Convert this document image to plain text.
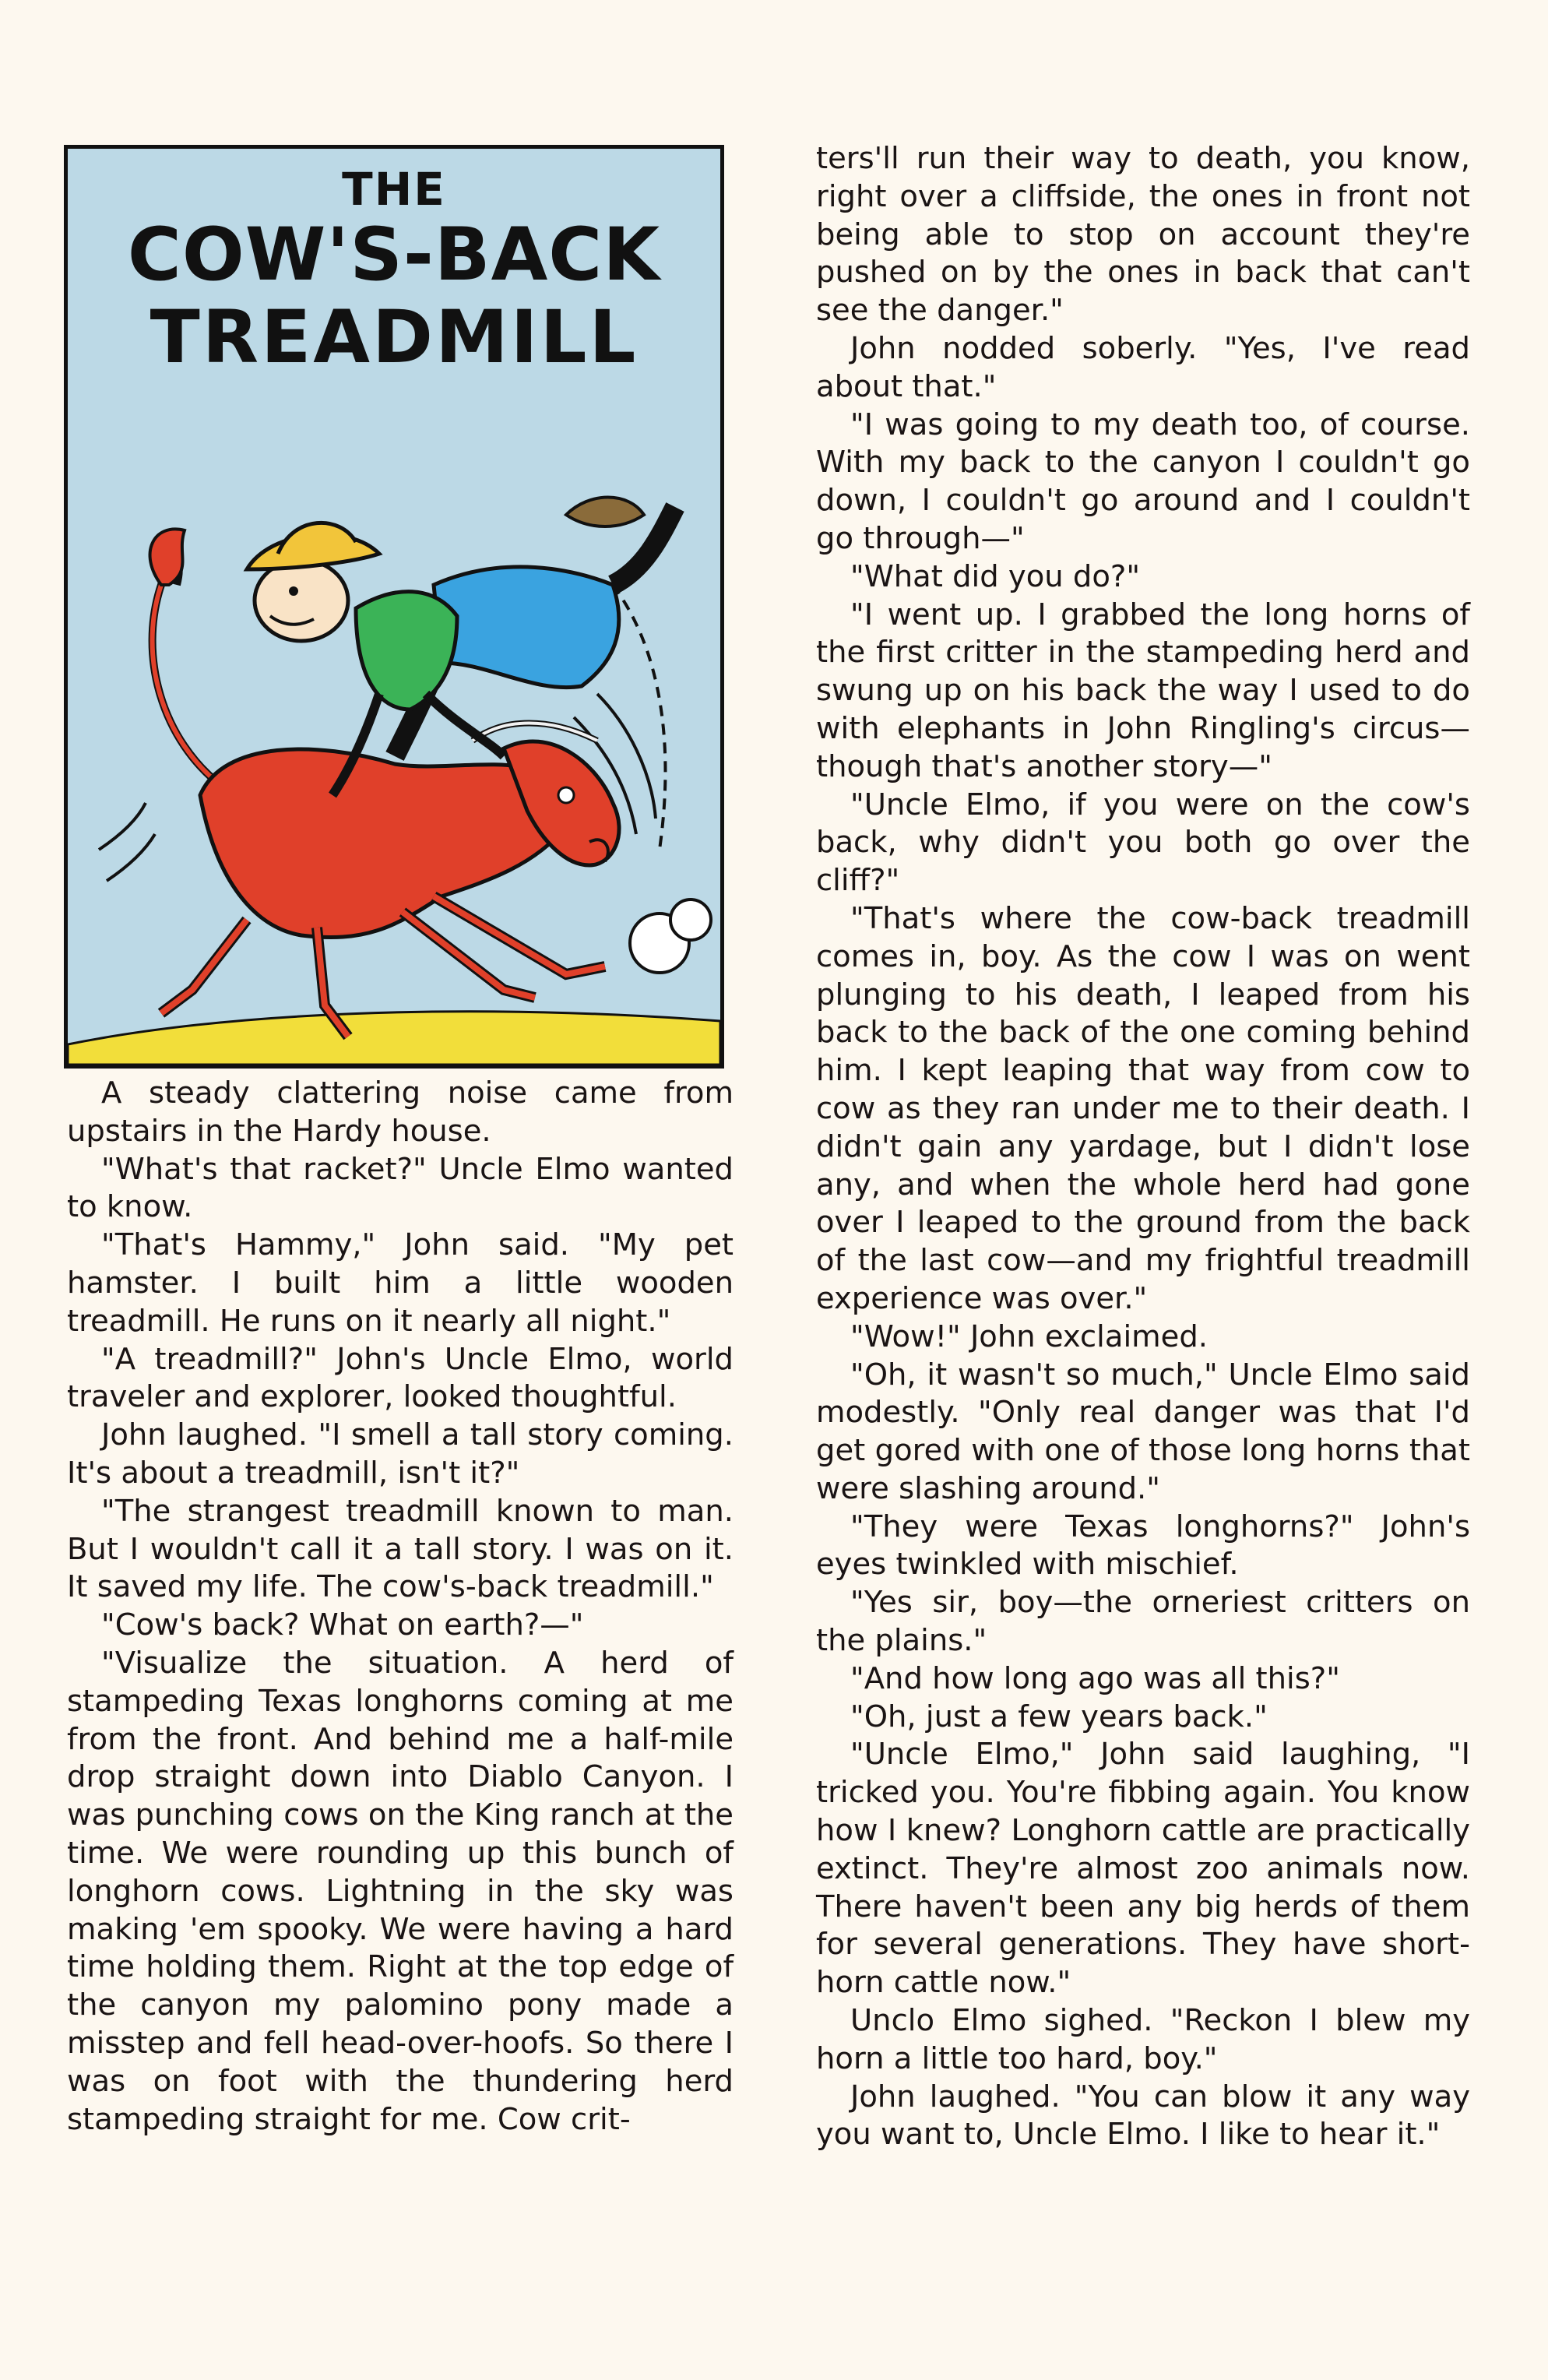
THE
COW'S-BACK
TREADMILL

A steady clattering noise came from upstairs in the Hardy house.

"What's that racket?" Uncle Elmo wanted to know.

"That's Hammy," John said. "My pet hamster. I built him a little wooden treadmill. He runs on it nearly all night."

"A treadmill?" John's Uncle Elmo, world traveler and explorer, looked thoughtful.

John laughed. "I smell a tall story coming. It's about a treadmill, isn't it?"

"The strangest treadmill known to man. But I wouldn't call it a tall story. I was on it. It saved my life. The cow's-back treadmill."

"Cow's back? What on earth?—"

"Visualize the situation. A herd of stampeding Texas longhorns coming at me from the front. And behind me a half-mile drop straight down into Diablo Canyon. I was punching cows on the King ranch at the time. We were rounding up this bunch of longhorn cows. Lightning in the sky was making 'em spooky. We were having a hard time holding them. Right at the top edge of the canyon my palomino pony made a misstep and fell head-over-hoofs. So there I was on foot with the thundering herd stampeding straight for me. Cow crit-

ters'll run their way to death, you know, right over a cliffside, the ones in front not being able to stop on account they're pushed on by the ones in back that can't see the danger."

John nodded soberly. "Yes, I've read about that."

"I was going to my death too, of course. With my back to the canyon I couldn't go down, I couldn't go around and I couldn't go through—"

"What did you do?"

"I went up. I grabbed the long horns of the first critter in the stampeding herd and swung up on his back the way I used to do with elephants in John Ringling's circus—though that's another story—"

"Uncle Elmo, if you were on the cow's back, why didn't you both go over the cliff?"

"That's where the cow-back treadmill comes in, boy. As the cow I was on went plunging to his death, I leaped from his back to the back of the one coming behind him. I kept leaping that way from cow to cow as they ran under me to their death. I didn't gain any yardage, but I didn't lose any, and when the whole herd had gone over I leaped to the ground from the back of the last cow—and my frightful treadmill experience was over."

"Wow!" John exclaimed.

"Oh, it wasn't so much," Uncle Elmo said modestly. "Only real danger was that I'd get gored with one of those long horns that were slashing around."

"They were Texas longhorns?" John's eyes twinkled with mischief.

"Yes sir, boy—the orneriest critters on the plains."

"And how long ago was all this?"

"Oh, just a few years back."

"Uncle Elmo," John said laughing, "I tricked you. You're fibbing again. You know how I knew? Longhorn cattle are practically extinct. They're almost zoo animals now. There haven't been any big herds of them for several generations. They have short-horn cattle now."

Unclo Elmo sighed. "Reckon I blew my horn a little too hard, boy."

John laughed. "You can blow it any way you want to, Uncle Elmo. I like to hear it."
